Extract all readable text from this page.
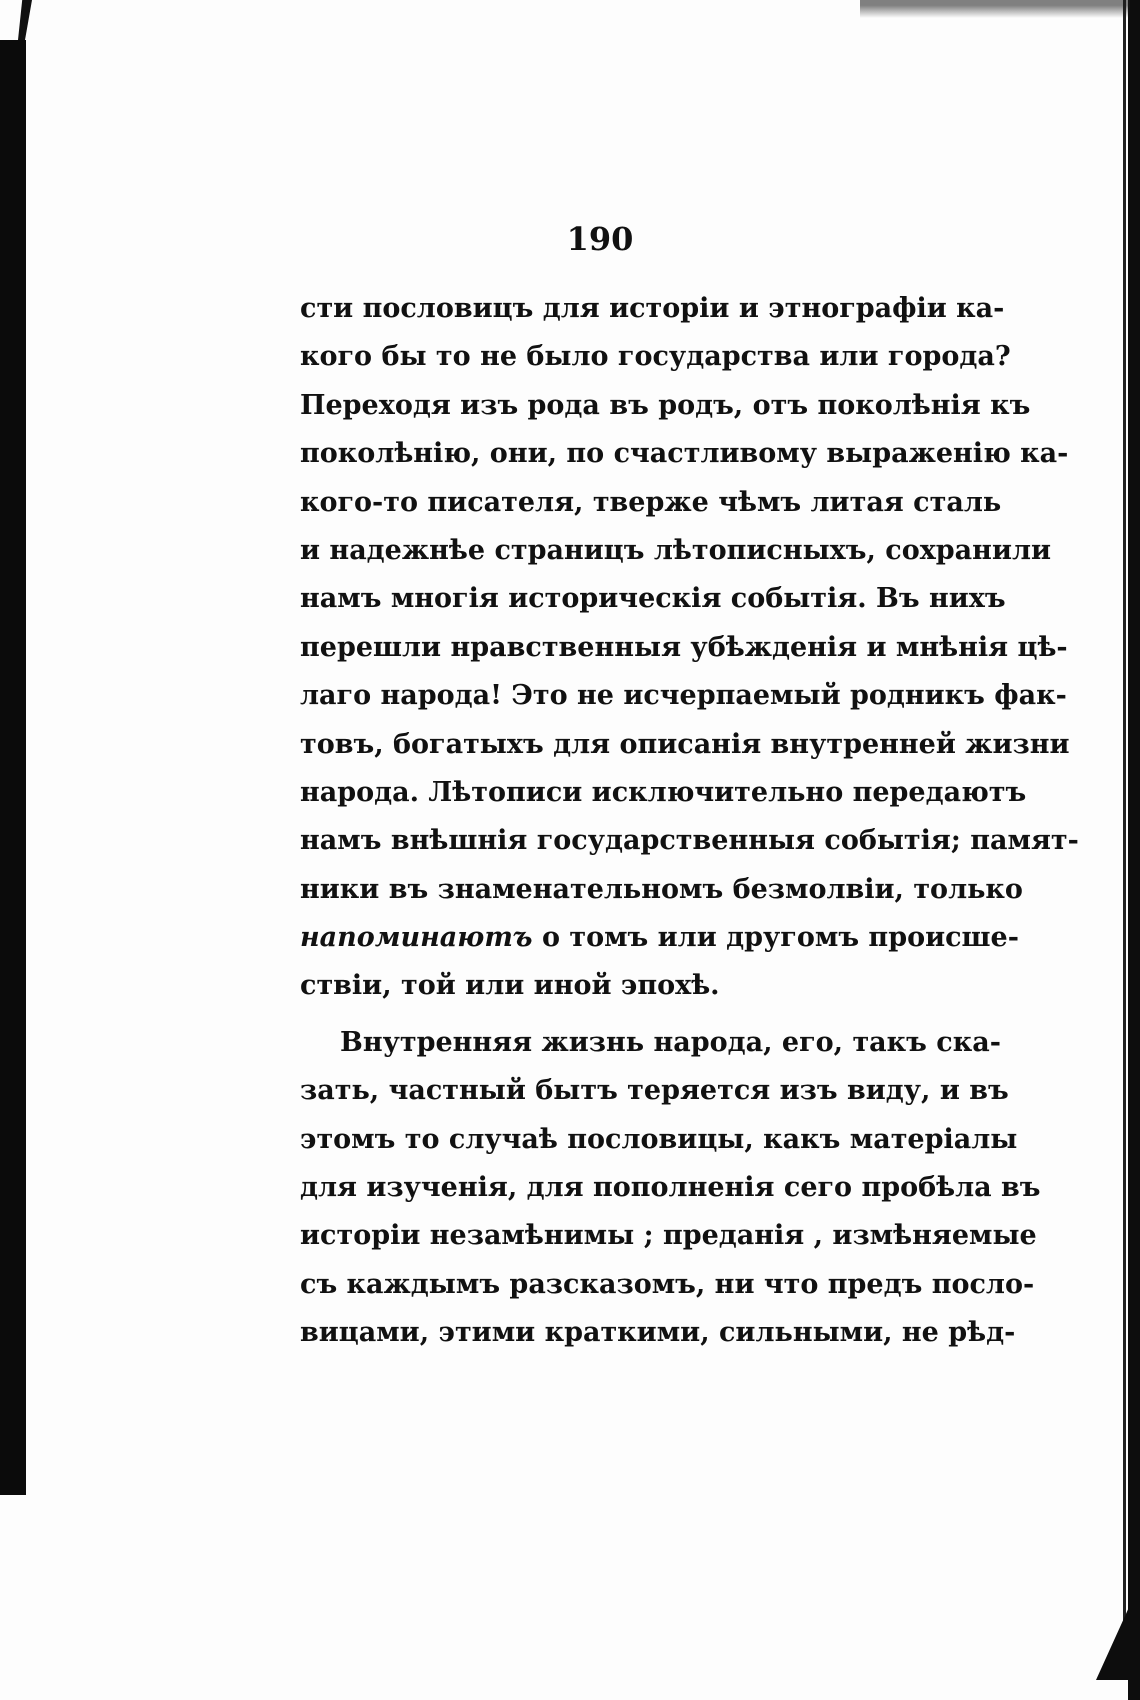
190
сти пословицъ для исторіи и этнографіи ка-
кого бы то не было государства или города?
Переходя изъ рода въ родъ, отъ поколѣнія къ
поколѣнію, они, по счастливому выраженію ка-
кого-то писателя, тверже чѣмъ литая сталь
и надежнѣе страницъ лѣтописныхъ, сохранили
намъ многія историческія событія. Въ нихъ
перешли нравственныя убѣжденія и мнѣнія цѣ-
лаго народа! Это не исчерпаемый родникъ фак-
товъ, богатыхъ для описанія внутренней жизни
народа. Лѣтописи исключительно передаютъ
намъ внѣшнія государственныя событія; памят-
ники въ знаменательномъ безмолвіи, только
напоминаютъ о томъ или другомъ происше-
ствіи, той или иной эпохѣ.
Внутренняя жизнь народа, его, такъ ска-
зать, частный бытъ теряется изъ виду, и въ
этомъ то случаѣ пословицы, какъ матеріалы
для изученія, для пополненія сего пробѣла въ
исторіи незамѣнимы ; преданія , измѣняемые
съ каждымъ разсказомъ, ни что предъ посло-
вицами, этими краткими, сильными, не рѣд-
